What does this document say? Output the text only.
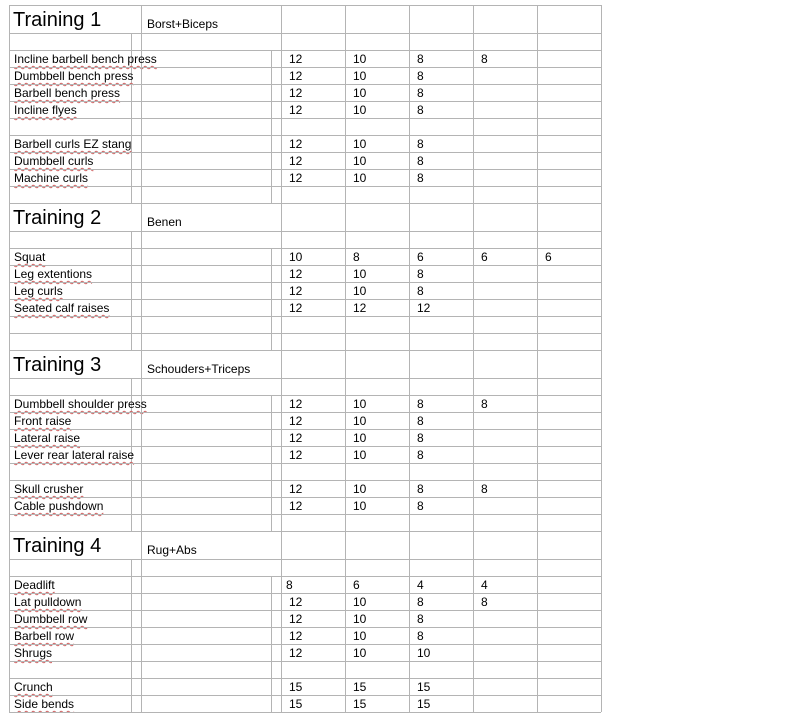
Training 1	Borst+Biceps
Incline barbell bench press	12	10	8	8
Dumbbell bench press	12	10	8
Barbell bench press	12	10	8
Incline flyes	12	10	8
Barbell curls EZ stang	12	10	8
Dumbbell curls	12	10	8
Machine curls	12	10	8
Training 2	Benen
Squat	10	8	6	6	6
Leg extentions	12	10	8
Leg curls	12	10	8
Seated calf raises	12	12	12
Training 3	Schouders+Triceps
Dumbbell shoulder press	12	10	8	8
Front raise	12	10	8
Lateral raise	12	10	8
Lever rear lateral raise	12	10	8
Skull crusher	12	10	8	8
Cable pushdown	12	10	8
Training 4	Rug+Abs
Deadlift	8	6	4	4
Lat pulldown	12	10	8	8
Dumbbell row	12	10	8
Barbell row	12	10	8
Shrugs	12	10	10
Crunch	15	15	15
Side bends	15	15	15
